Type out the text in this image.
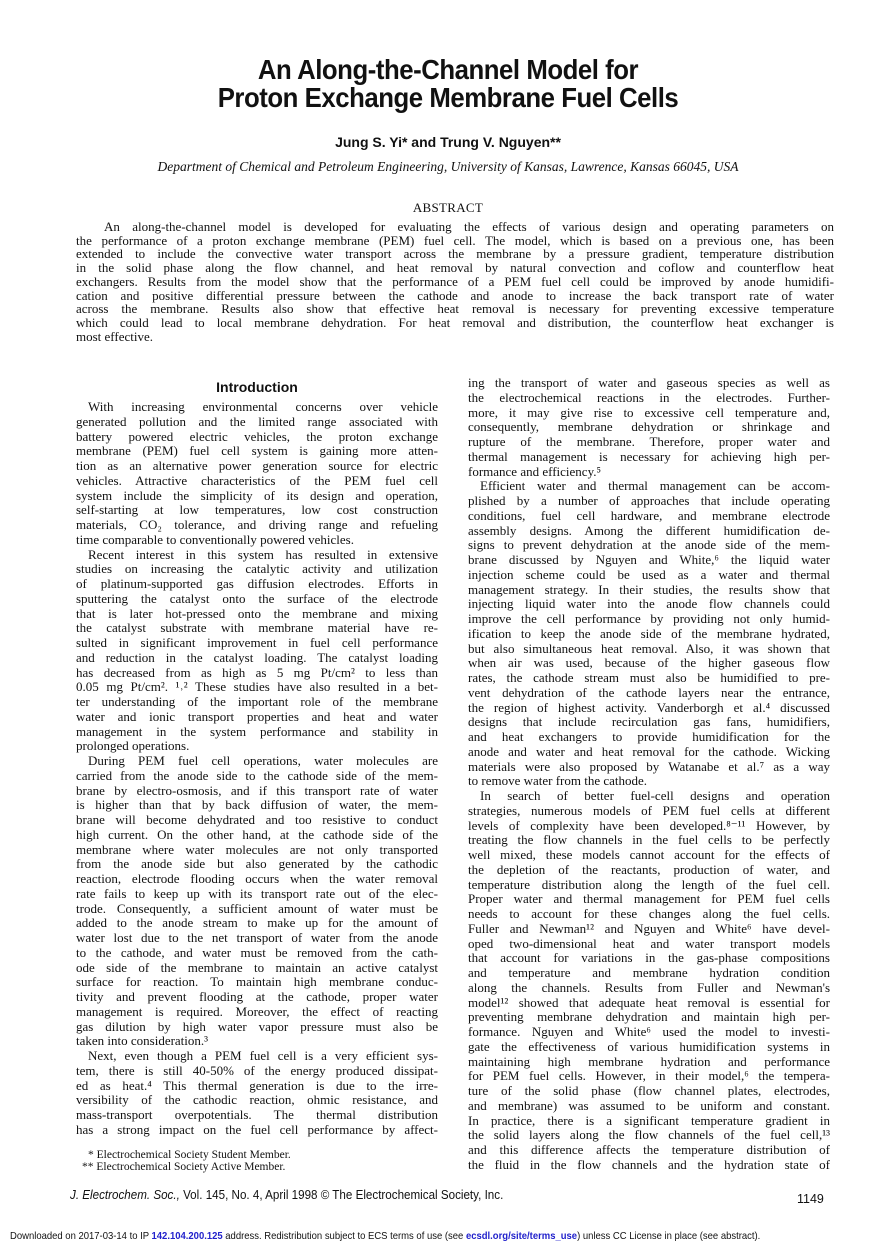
An Along-the-Channel Model for
Proton Exchange Membrane Fuel Cells
Jung S. Yi* and Trung V. Nguyen**
Department of Chemical and Petroleum Engineering, University of Kansas, Lawrence, Kansas 66045, USA
ABSTRACT
An along-the-channel model is developed for evaluating the effects of various design and operating parameters on
the performance of a proton exchange membrane (PEM) fuel cell. The model, which is based on a previous one, has been
extended to include the convective water transport across the membrane by a pressure gradient, temperature distribution
in the solid phase along the flow channel, and heat removal by natural convection and coflow and counterflow heat
exchangers. Results from the model show that the performance of a PEM fuel cell could be improved by anode humidifi-
cation and positive differential pressure between the cathode and anode to increase the back transport rate of water
across the membrane. Results also show that effective heat removal is necessary for preventing excessive temperature
which could lead to local membrane dehydration. For heat removal and distribution, the counterflow heat exchanger is
most effective.
Introduction
With increasing environmental concerns over vehicle
generated pollution and the limited range associated with
battery powered electric vehicles, the proton exchange
membrane (PEM) fuel cell system is gaining more atten-
tion as an alternative power generation source for electric
vehicles. Attractive characteristics of the PEM fuel cell
system include the simplicity of its design and operation,
self-starting at low temperatures, low cost construction
materials, CO₂ tolerance, and driving range and refueling
time comparable to conventionally powered vehicles.
Recent interest in this system has resulted in extensive
studies on increasing the catalytic activity and utilization
of platinum-supported gas diffusion electrodes. Efforts in
sputtering the catalyst onto the surface of the electrode
that is later hot-pressed onto the membrane and mixing
the catalyst substrate with membrane material have re-
sulted in significant improvement in fuel cell performance
and reduction in the catalyst loading. The catalyst loading
has decreased from as high as 5 mg Pt/cm² to less than
0.05 mg Pt/cm². ¹˒² These studies have also resulted in a bet-
ter understanding of the important role of the membrane
water and ionic transport properties and heat and water
management in the system performance and stability in
prolonged operations.
During PEM fuel cell operations, water molecules are
carried from the anode side to the cathode side of the mem-
brane by electro-osmosis, and if this transport rate of water
is higher than that by back diffusion of water, the mem-
brane will become dehydrated and too resistive to conduct
high current. On the other hand, at the cathode side of the
membrane where water molecules are not only transported
from the anode side but also generated by the cathodic
reaction, electrode flooding occurs when the water removal
rate fails to keep up with its transport rate out of the elec-
trode. Consequently, a sufficient amount of water must be
added to the anode stream to make up for the amount of
water lost due to the net transport of water from the anode
to the cathode, and water must be removed from the cath-
ode side of the membrane to maintain an active catalyst
surface for reaction. To maintain high membrane conduc-
tivity and prevent flooding at the cathode, proper water
management is required. Moreover, the effect of reacting
gas dilution by high water vapor pressure must also be
taken into consideration.³
Next, even though a PEM fuel cell is a very efficient sys-
tem, there is still 40-50% of the energy produced dissipat-
ed as heat.⁴ This thermal generation is due to the irre-
versibility of the cathodic reaction, ohmic resistance, and
mass-transport overpotentials. The thermal distribution
has a strong impact on the fuel cell performance by affect-
ing the transport of water and gaseous species as well as
the electrochemical reactions in the electrodes. Further-
more, it may give rise to excessive cell temperature and,
consequently, membrane dehydration or shrinkage and
rupture of the membrane. Therefore, proper water and
thermal management is necessary for achieving high per-
formance and efficiency.⁵
Efficient water and thermal management can be accom-
plished by a number of approaches that include operating
conditions, fuel cell hardware, and membrane electrode
assembly designs. Among the different humidification de-
signs to prevent dehydration at the anode side of the mem-
brane discussed by Nguyen and White,⁶ the liquid water
injection scheme could be used as a water and thermal
management strategy. In their studies, the results show that
injecting liquid water into the anode flow channels could
improve the cell performance by providing not only humid-
ification to keep the anode side of the membrane hydrated,
but also simultaneous heat removal. Also, it was shown that
when air was used, because of the higher gaseous flow
rates, the cathode stream must also be humidified to pre-
vent dehydration of the cathode layers near the entrance,
the region of highest activity. Vanderborgh et al.⁴ discussed
designs that include recirculation gas fans, humidifiers,
and heat exchangers to provide humidification for the
anode and water and heat removal for the cathode. Wicking
materials were also proposed by Watanabe et al.⁷ as a way
to remove water from the cathode.
In search of better fuel-cell designs and operation
strategies, numerous models of PEM fuel cells at different
levels of complexity have been developed.⁸⁻¹¹ However, by
treating the flow channels in the fuel cells to be perfectly
well mixed, these models cannot account for the effects of
the depletion of the reactants, production of water, and
temperature distribution along the length of the fuel cell.
Proper water and thermal management for PEM fuel cells
needs to account for these changes along the fuel cells.
Fuller and Newman¹² and Nguyen and White⁶ have devel-
oped two-dimensional heat and water transport models
that account for variations in the gas-phase compositions
and temperature and membrane hydration condition
along the channels. Results from Fuller and Newman's
model¹² showed that adequate heat removal is essential for
preventing membrane dehydration and maintain high per-
formance. Nguyen and White⁶ used the model to investi-
gate the effectiveness of various humidification systems in
maintaining high membrane hydration and performance
for PEM fuel cells. However, in their model,⁶ the tempera-
ture of the solid phase (flow channel plates, electrodes,
and membrane) was assumed to be uniform and constant.
In practice, there is a significant temperature gradient in
the solid layers along the flow channels of the fuel cell,¹³
and this difference affects the temperature distribution of
the fluid in the flow channels and the hydration state of
* Electrochemical Society Student Member.
** Electrochemical Society Active Member.
J. Electrochem. Soc., Vol. 145, No. 4, April 1998 © The Electrochemical Society, Inc.	1149
Downloaded on 2017-03-14 to IP 142.104.200.125 address. Redistribution subject to ECS terms of use (see ecsdl.org/site/terms_use) unless CC License in place (see abstract).
